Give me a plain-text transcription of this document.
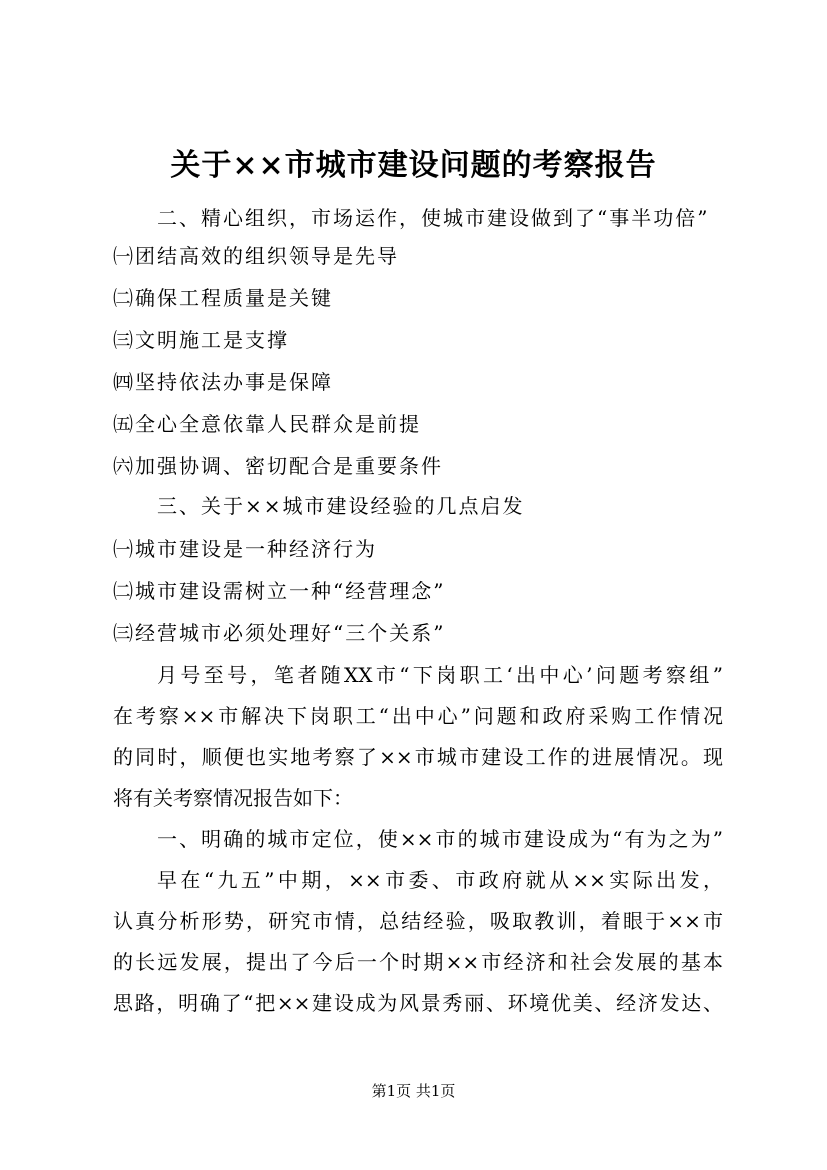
关于××市城市建设问题的考察报告
二、精心组织，市场运作，使城市建设做到了“事半功倍”
㈠团结高效的组织领导是先导
㈡确保工程质量是关键
㈢文明施工是支撑
㈣坚持依法办事是保障
㈤全心全意依靠人民群众是前提
㈥加强协调、密切配合是重要条件
三、关于××城市建设经验的几点启发
㈠城市建设是一种经济行为
㈡城市建设需树立一种“经营理念”
㈢经营城市必须处理好“三个关系”
月号至号，笔者随XX市“下岗职工‘出中心’问题考察组”
在考察××市解决下岗职工“出中心”问题和政府采购工作情况
的同时，顺便也实地考察了××市城市建设工作的进展情况。现
将有关考察情况报告如下：
一、明确的城市定位，使××市的城市建设成为“有为之为”
早在“九五”中期，××市委、市政府就从××实际出发，
认真分析形势，研究市情，总结经验，吸取教训，着眼于××市
的长远发展，提出了今后一个时期××市经济和社会发展的基本
思路，明确了“把××建设成为风景秀丽、环境优美、经济发达、
第1页 共1页
